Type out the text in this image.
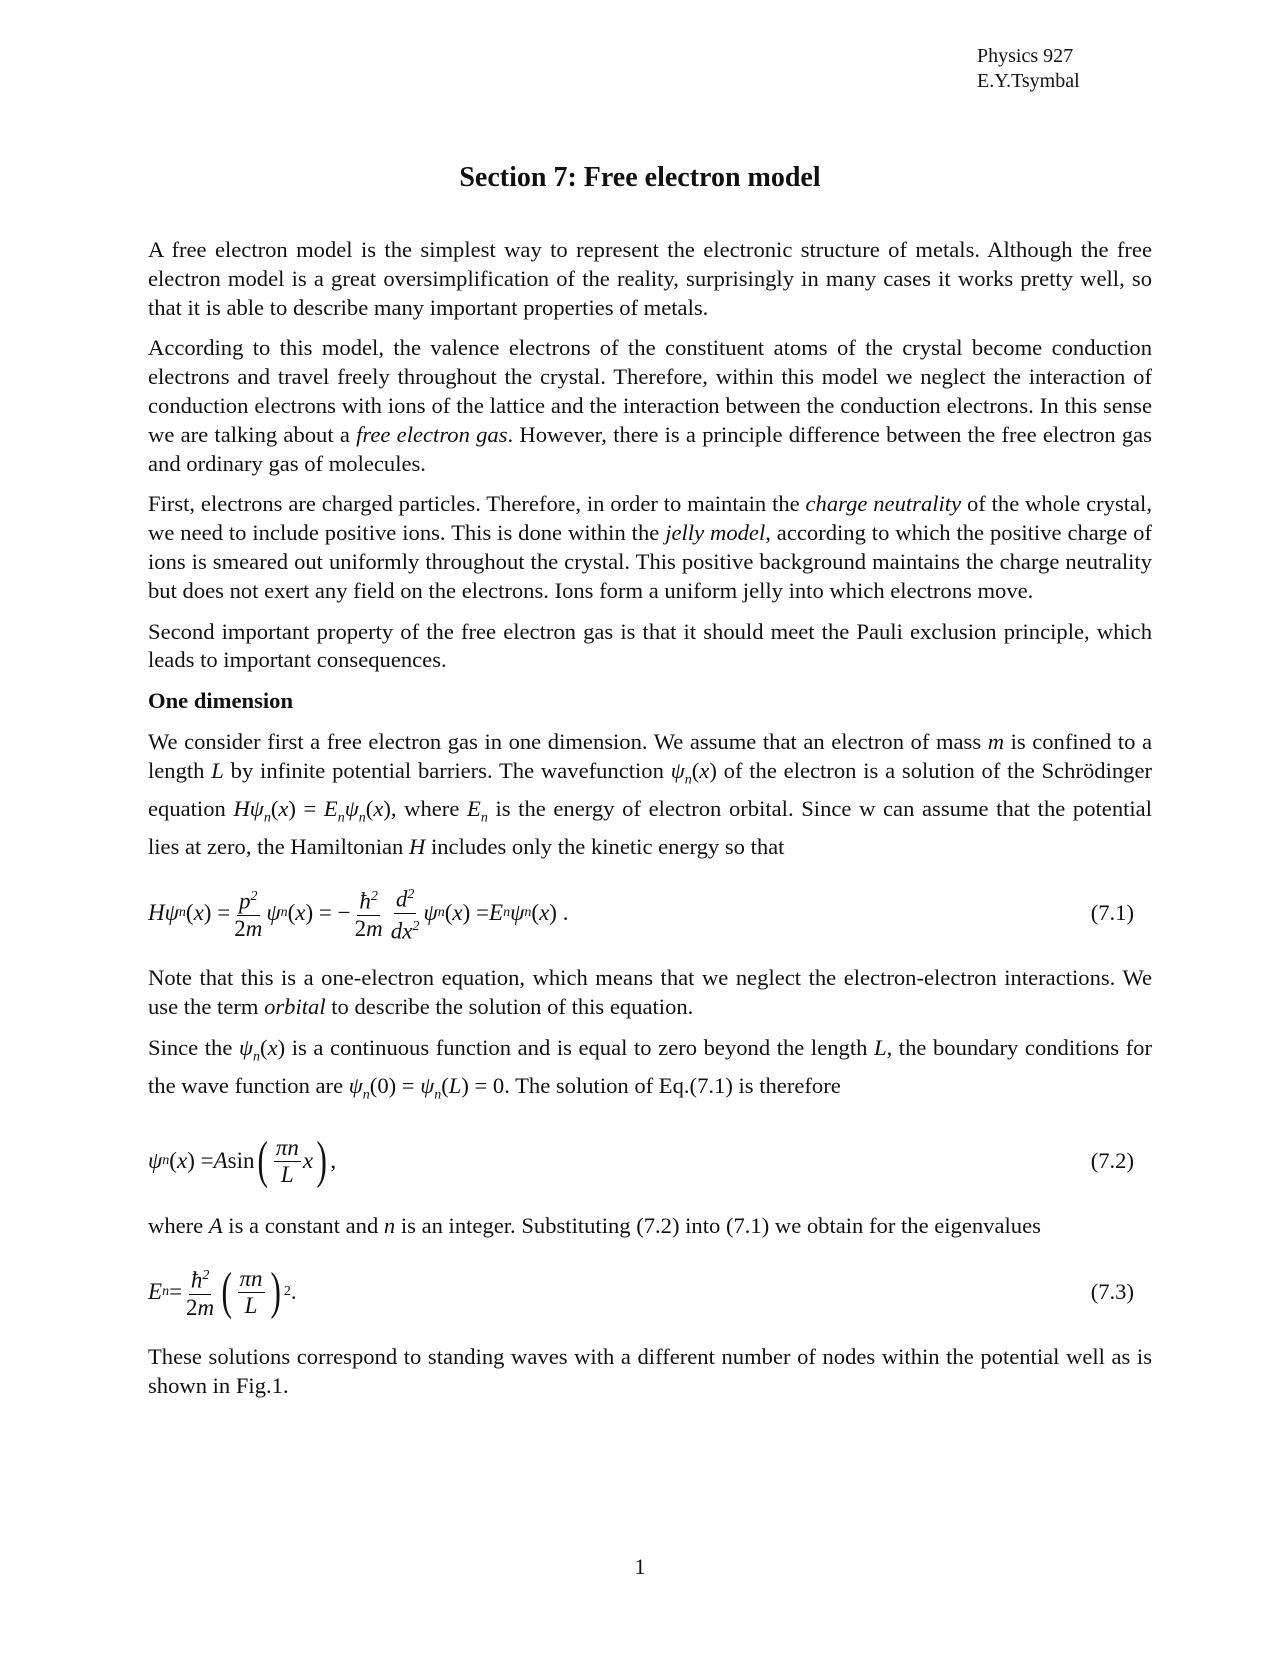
Physics 927
E.Y.Tsymbal
Section 7: Free electron model

A free electron model is the simplest way to represent the electronic structure of metals. Although the free electron model is a great oversimplification of the reality, surprisingly in many cases it works pretty well, so that it is able to describe many important properties of metals.

According to this model, the valence electrons of the constituent atoms of the crystal become conduction electrons and travel freely throughout the crystal. Therefore, within this model we neglect the interaction of conduction electrons with ions of the lattice and the interaction between the conduction electrons. In this sense we are talking about a free electron gas. However, there is a principle difference between the free electron gas and ordinary gas of molecules.

First, electrons are charged particles. Therefore, in order to maintain the charge neutrality of the whole crystal, we need to include positive ions. This is done within the jelly model, according to which the positive charge of ions is smeared out uniformly throughout the crystal. This positive background maintains the charge neutrality but does not exert any field on the electrons. Ions form a uniform jelly into which electrons move.

Second important property of the free electron gas is that it should meet the Pauli exclusion principle, which leads to important consequences.

One dimension

We consider first a free electron gas in one dimension. We assume that an electron of mass m is confined to a length L by infinite potential barriers. The wavefunction $\psi_n(x)$ of the electron is a solution of the Schrödinger equation $H\psi_n(x) = E_n\psi_n(x)$, where $E_n$ is the energy of electron orbital. Since w can assume that the potential lies at zero, the Hamiltonian H includes only the kinetic energy so that

Hψ n ( x ) = $\frac{p^2}{2m}$ ψ n ( x ) = − $\frac{ħ^2}{2m} \frac{d^2}{dx^2}$ ψ n ( x ) = E n ψ n ( x ) .	(7.1)

Note that this is a one-electron equation, which means that we neglect the electron-electron interactions. We use the term orbital to describe the solution of this equation.

Since the $\psi_n(x)$ is a continuous function and is equal to zero beyond the length L, the boundary conditions for the wave function are $\psi_n(0) = \psi_n(L) = 0$. The solution of Eq.(7.1) is therefore

ψ n ( x ) = A sin ( $\frac{\pi n}{L}$ x ) ,	(7.2)

where A is a constant and n is an integer. Substituting (7.2) into (7.1) we obtain for the eigenvalues

E $n = \frac{ħ^2}{2m}$ ( $\frac{\pi n}{L}$ ) 2 .	(7.3)

These solutions correspond to standing waves with a different number of nodes within the potential well as is shown in Fig.1.

1
